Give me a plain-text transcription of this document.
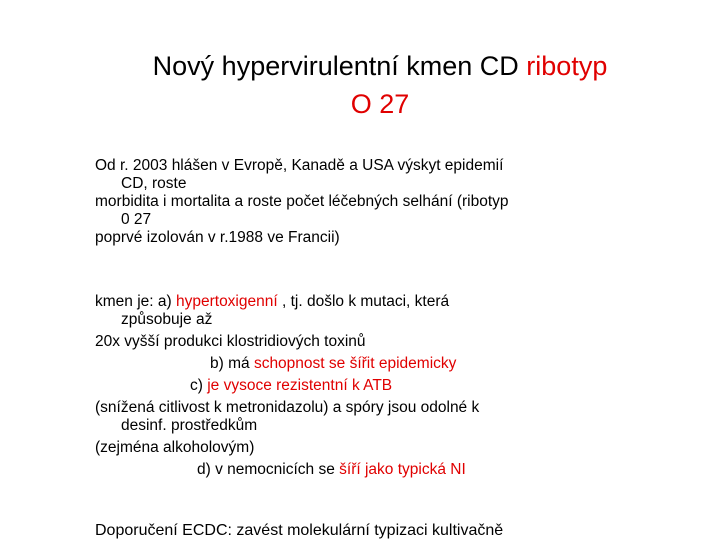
Nový hypervirulentní kmen CD ribotyp
O 27
Od r. 2003 hlášen v Evropě, Kanadě a USA výskyt epidemií
CD, roste
morbidita i mortalita a roste počet léčebných selhání (ribotyp
0 27
poprvé izolován v r.1988 ve Francii)
kmen je: a) hypertoxigenní , tj. došlo k mutaci, která
způsobuje až
20x vyšší produkci klostridiových toxinů
b) má schopnost se šířit epidemicky
c) je vysoce rezistentní k ATB
(snížená citlivost k metronidazolu) a spóry jsou odolné k
desinf. prostředkům
(zejména alkoholovým)
d) v nemocnicích se šíří jako typická NI
Doporučení ECDC: zavést molekulární typizaci kultivačně
